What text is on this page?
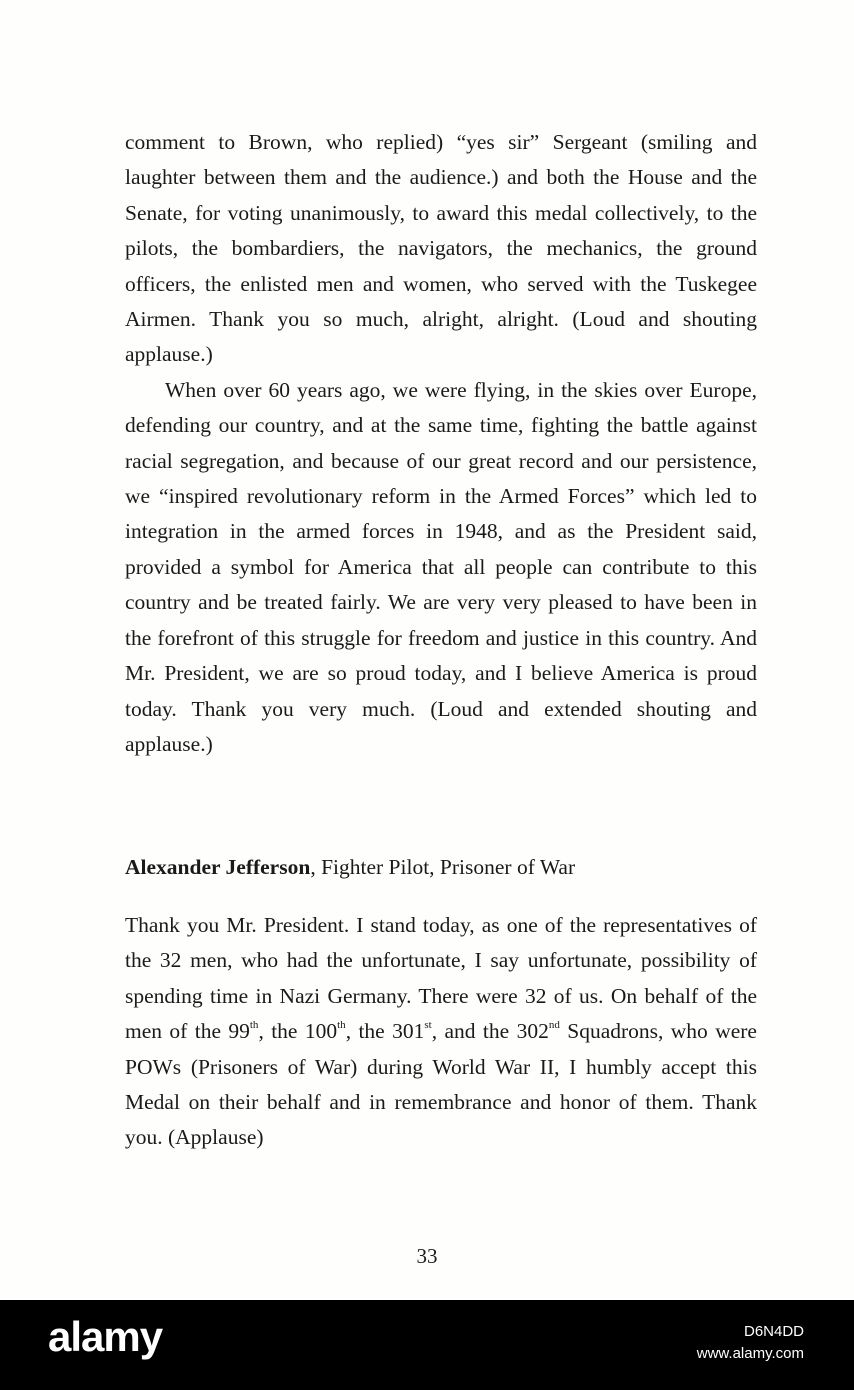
comment to Brown, who replied) “yes sir” Sergeant (smiling and laughter between them and the audience.) and both the House and the Senate, for voting unanimously, to award this medal collectively, to the pilots, the bombardiers, the navigators, the mechanics, the ground officers, the enlisted men and women, who served with the Tuskegee Airmen. Thank you so much, alright, alright. (Loud and shouting applause.)

When over 60 years ago, we were flying, in the skies over Europe, defending our country, and at the same time, fighting the battle against racial segregation, and because of our great record and our persistence, we “inspired revolutionary reform in the Armed Forces” which led to integration in the armed forces in 1948, and as the President said, provided a symbol for America that all people can contribute to this country and be treated fairly. We are very very pleased to have been in the forefront of this struggle for freedom and justice in this country. And Mr. President, we are so proud today, and I believe America is proud today. Thank you very much. (Loud and extended shouting and applause.)

Alexander Jefferson, Fighter Pilot, Prisoner of War

Thank you Mr. President. I stand today, as one of the representatives of the 32 men, who had the unfortunate, I say unfortunate, possibility of spending time in Nazi Germany. There were 32 of us. On behalf of the men of the 99th, the 100th, the 301st, and the 302nd Squadrons, who were POWs (Prisoners of War) during World War II, I humbly accept this Medal on their behalf and in remembrance and honor of them. Thank you. (Applause)

33
alamy	D6N4DD
www.alamy.com
